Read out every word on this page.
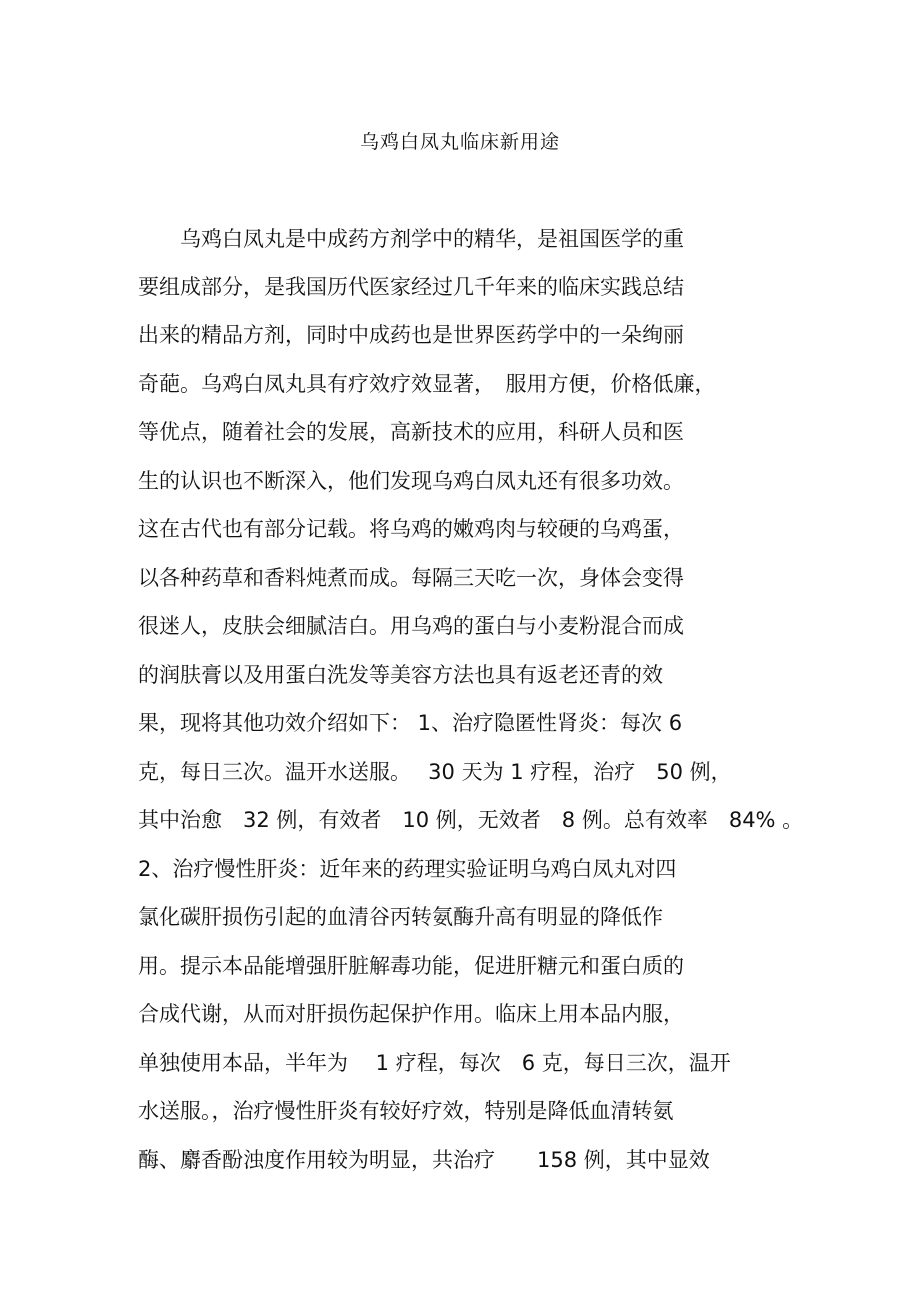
乌鸡白凤丸临床新用途
　　乌鸡白凤丸是中成药方剂学中的精华，是祖国医学的重
要组成部分，是我国历代医家经过几千年来的临床实践总结
出来的精品方剂，同时中成药也是世界医药学中的一朵绚丽
奇葩。乌鸡白凤丸具有疗效疗效显著，　服用方便，价格低廉，
等优点，随着社会的发展，高新技术的应用，科研人员和医
生的认识也不断深入，他们发现乌鸡白凤丸还有很多功效。
这在古代也有部分记载。将乌鸡的嫩鸡肉与较硬的乌鸡蛋，
以各种药草和香料炖煮而成。每隔三天吃一次，身体会变得
很迷人，皮肤会细腻洁白。用乌鸡的蛋白与小麦粉混合而成
的润肤膏以及用蛋白洗发等美容方法也具有返老还青的效
果，现将其他功效介绍如下： 1、治疗隐匿性肾炎：每次 6
克，每日三次。温开水送服。　 30 天为 1 疗程，治疗　50 例，
其中治愈　32 例，有效者　10 例，无效者　8 例。总有效率　84% 。
2、治疗慢性肝炎：近年来的药理实验证明乌鸡白凤丸对四
氯化碳肝损伤引起的血清谷丙转氨酶升高有明显的降低作
用。提示本品能增强肝脏解毒功能，促进肝糖元和蛋白质的
合成代谢，从而对肝损伤起保护作用。临床上用本品内服，
单独使用本品，半年为　 1 疗程，每次　6 克，每日三次，温开
水送服。，治疗慢性肝炎有较好疗效，特别是降低血清转氨
酶、麝香酚浊度作用较为明显，共治疗　　158 例，其中显效
